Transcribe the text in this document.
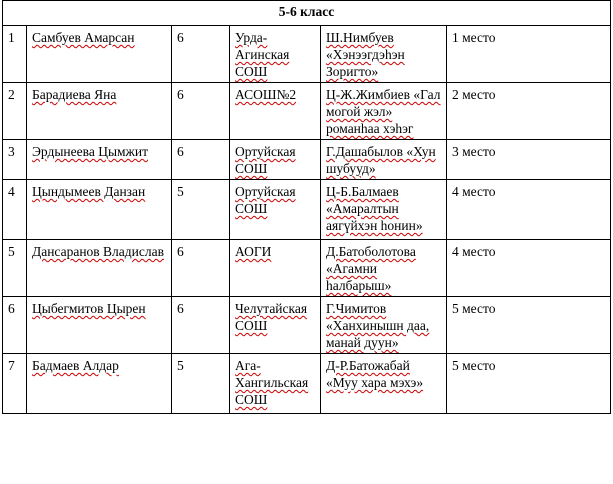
5-6 класс					
1	Самбуев Амарсан	6	Урда-Агинская СОШ	Ш.Нимбуев «Хэнээгдэhэн Зоригто»	1 место
2	Барадиева Яна	6	АСОШ№2	Ц-Ж.Жимбиев «Гал могой жэл» романhаа хэhэг	2 место
3	Эрдынеева Цымжит	6	Ортуйская СОШ	Г.Дашабылов «Хун шубууд»	3 место
4	Цындымеев Данзан	5	Ортуйская СОШ	Ц-Б.Балмаев «Амаралтын аягүйхэн hонин»	4 место
5	Дансаранов Владислав	6	АОГИ	Д.Батоболотова «Агамни hалбарыш»	4 место
6	Цыбегмитов Цырен	6	Челутайская СОШ	Г.Чимитов «Ханхинышн даа, манай дуун»	5 место
7	Бадмаев Алдар	5	Ага-Хангильская СОШ	Д-Р.Батожабай «Муу хара мэхэ»	5 место
